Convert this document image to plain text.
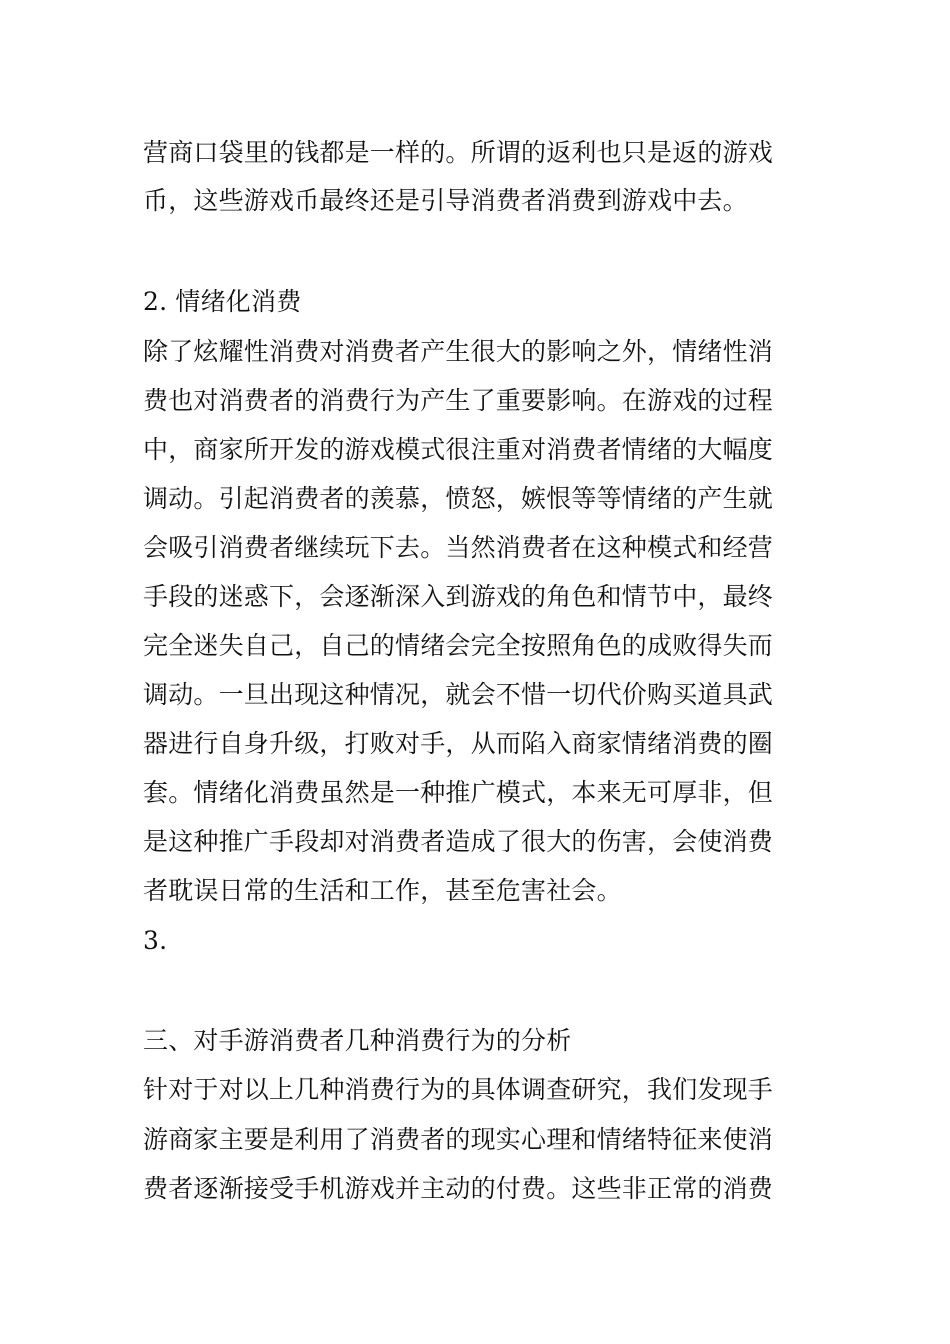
营商口袋里的钱都是一样的。所谓的返利也只是返的游戏
币，这些游戏币最终还是引导消费者消费到游戏中去。
2. 情绪化消费
除了炫耀性消费对消费者产生很大的影响之外，情绪性消
费也对消费者的消费行为产生了重要影响。在游戏的过程
中，商家所开发的游戏模式很注重对消费者情绪的大幅度
调动。引起消费者的羡慕，愤怒，嫉恨等等情绪的产生就
会吸引消费者继续玩下去。当然消费者在这种模式和经营
手段的迷惑下，会逐渐深入到游戏的角色和情节中，最终
完全迷失自己，自己的情绪会完全按照角色的成败得失而
调动。一旦出现这种情况，就会不惜一切代价购买道具武
器进行自身升级，打败对手，从而陷入商家情绪消费的圈
套。情绪化消费虽然是一种推广模式，本来无可厚非，但
是这种推广手段却对消费者造成了很大的伤害，会使消费
者耽误日常的生活和工作，甚至危害社会。
3.
三、对手游消费者几种消费行为的分析
针对于对以上几种消费行为的具体调查研究，我们发现手
游商家主要是利用了消费者的现实心理和情绪特征来使消
费者逐渐接受手机游戏并主动的付费。这些非正常的消费
